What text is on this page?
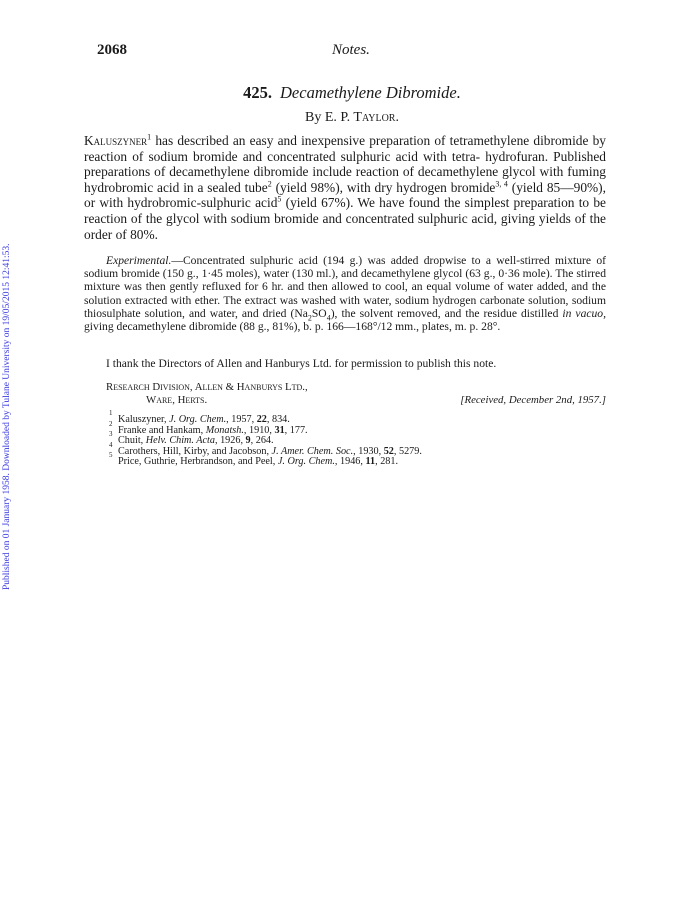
Published on 01 January 1958. Downloaded by Tulane University on 19/05/2015 12:41:53.
2068	Notes.
425. Decamethylene Dibromide.
By E. P. Taylor.

Kaluszyner$^1$ has described an easy and inexpensive preparation of tetramethylene dibromide by reaction of sodium bromide and concentrated sulphuric acid with tetra- hydrofuran. Published preparations of decamethylene dibromide include reaction of decamethylene glycol with fuming hydrobromic acid in a sealed tube$^2$ (yield 98%), with dry hydrogen bromide$^{3, 4}$ (yield 85—90%), or with hydrobromic-sulphuric acid$^5$ (yield 67%). We have found the simplest preparation to be reaction of the glycol with sodium bromide and concentrated sulphuric acid, giving yields of the order of 80%.

Experimental.—Concentrated sulphuric acid (194 g.) was added dropwise to a well-stirred mixture of sodium bromide (150 g., 1·45 moles), water (130 ml.), and decamethylene glycol (63 g., 0·36 mole). The stirred mixture was then gently refluxed for 6 hr. and then allowed to cool, an equal volume of water added, and the solution extracted with ether. The extract was washed with water, sodium hydrogen carbonate solution, sodium thiosulphate solution, and water, and dried $(Na_2SO_4)$, the solvent removed, and the residue distilled in vacuo, giving decamethylene dibromide (88 g., 81%), b. p. 166—168°/12 mm., plates, m. p. 28°.

I thank the Directors of Allen and Hanburys Ltd. for permission to publish this note.

Research Division, Allen & Hanburys Ltd.,
Ware, Herts.	[Received, December 2nd, 1957.]
1
Kaluszyner, J. Org. Chem., 1957, 22, 834.
2
Franke and Hankam, Monatsh., 1910, 31, 177.
3
Chuit, Helv. Chim. Acta, 1926, 9, 264.
4
Carothers, Hill, Kirby, and Jacobson, J. Amer. Chem. Soc., 1930, 52, 5279.
5
Price, Guthrie, Herbrandson, and Peel, J. Org. Chem., 1946, 11, 281.
